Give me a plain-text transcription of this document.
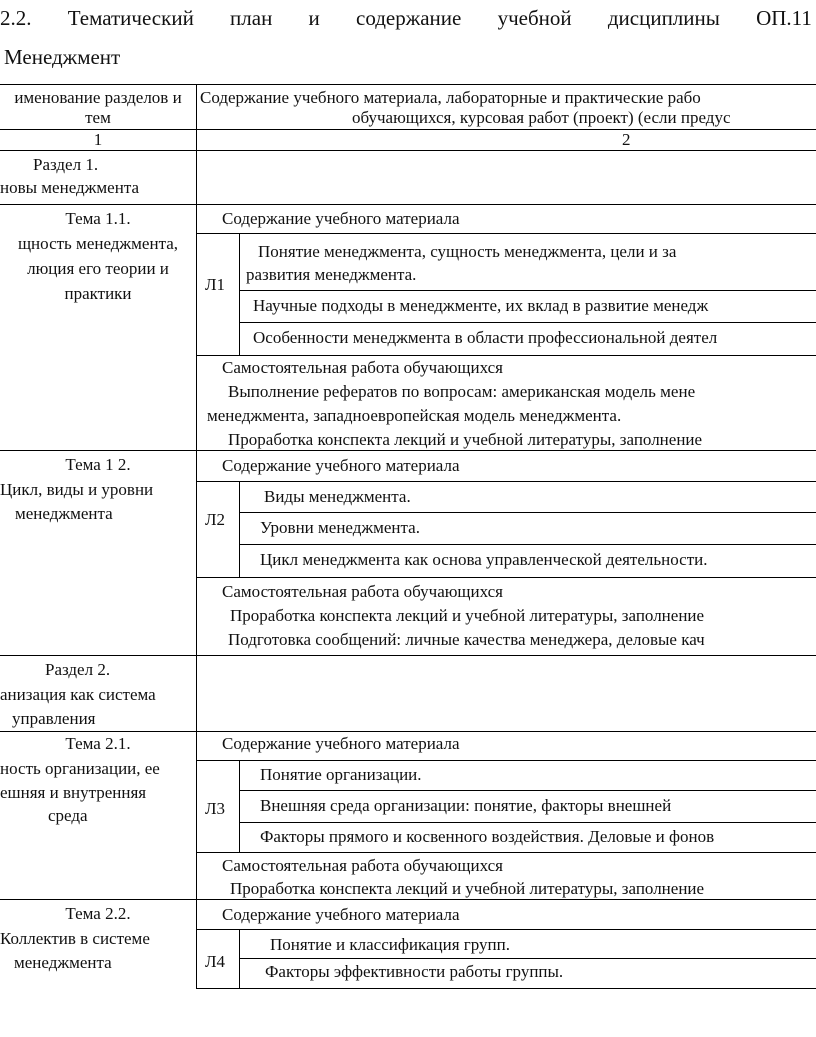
2.2. Тематический план и содержание учебной дисциплины ОП.11
Менеджмент
именование разделов и
тем
Содержание учебного материала, лабораторные и практические рабо
обучающихся, курсовая работ (проект) (если предус
1	2
Раздел 1.
новы менеджмента
Тема 1.1.
щность менеджмента,
люция его теории и
практики
Содержание учебного материала
Л1
Понятие менеджмента, сущность менеджмента, цели и за
развития менеджмента.
Научные подходы в менеджменте, их вклад в развитие менедж
Особенности менеджмента в области профессиональной деятел
Самостоятельная работа обучающихся
Выполнение рефератов по вопросам: американская модель мене
менеджмента, западноевропейская модель менеджмента.
Проработка конспекта лекций и учебной литературы, заполнение
Тема 1 2.
Цикл, виды и уровни
менеджмента
Содержание учебного материала
Л2
Виды менеджмента.
Уровни менеджмента.
Цикл менеджмента как основа управленческой деятельности.
Самостоятельная работа обучающихся
Проработка конспекта лекций и учебной литературы, заполнение
Подготовка сообщений: личные качества менеджера, деловые кач
Раздел 2.
анизация как система
управления
Тема 2.1.
ность организации, ее
ешняя и внутренняя
среда
Содержание учебного материала
Л3
Понятие организации.
Внешняя среда организации: понятие, факторы внешней
Факторы прямого и косвенного воздействия. Деловые и фонов
Самостоятельная работа обучающихся
Проработка конспекта лекций и учебной литературы, заполнение
Тема 2.2.
Коллектив в системе
менеджмента
Содержание учебного материала
Л4
Понятие и классификация групп.
Факторы эффективности работы группы.
